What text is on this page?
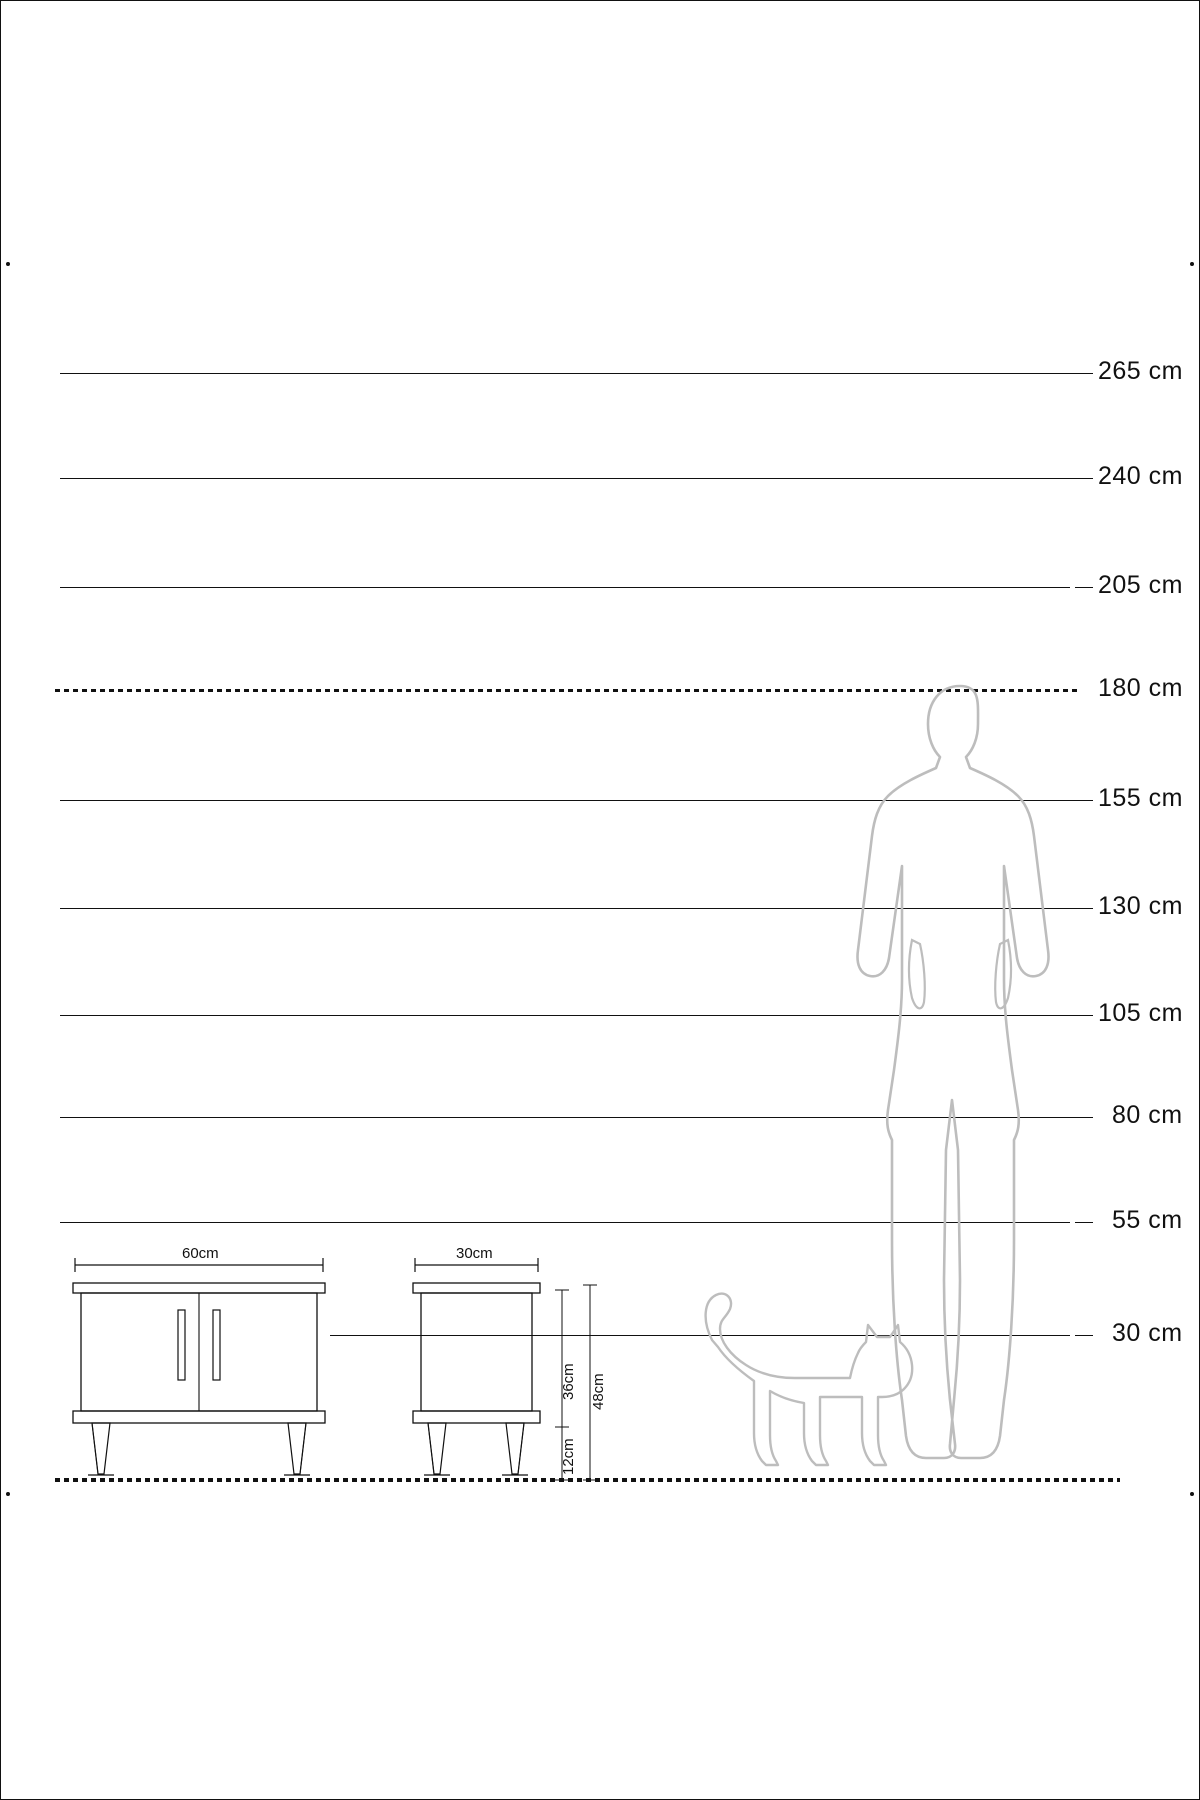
265 cm
240 cm
205 cm
180 cm
155 cm
130 cm
105 cm
80 cm
55 cm
30 cm
60cm	30cm
36cm
12cm
48cm
